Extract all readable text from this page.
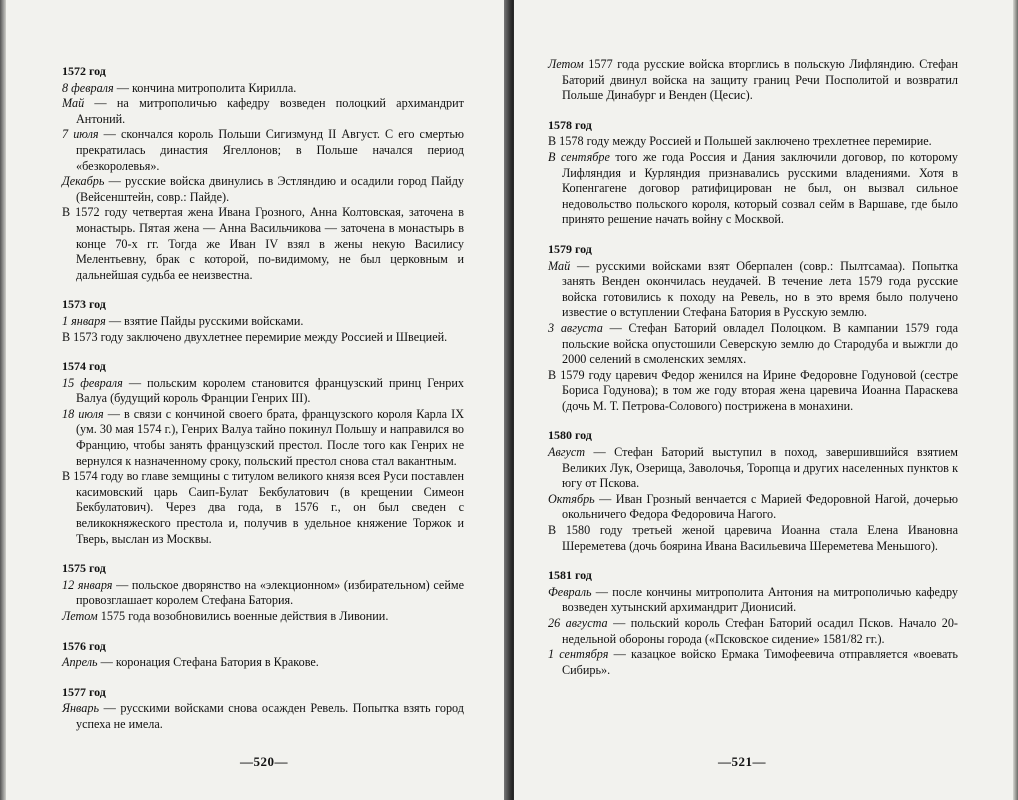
1572 год

8 февраля — кончина митрополита Кирилла.

Май — на митрополичью кафедру возведен полоцкий архимандрит Антоний.

7 июля — скончался король Польши Сигизмунд II Август. С его смертью прекратилась династия Ягеллонов; в Польше начался период «безкоролевья».

Декабрь — русские войска двинулись в Эстляндию и осадили город Пайду (Вейсенштейн, совр.: Пайде).

В 1572 году четвертая жена Ивана Грозного, Анна Колтовская, заточена в монастырь. Пятая жена — Анна Васильчикова — заточена в монастырь в конце 70-х гг. Тогда же Иван IV взял в жены некую Василису Мелентьевну, брак с которой, по-видимому, не был церковным и дальнейшая судьба ее неизвестна.

1573 год

1 января — взятие Пайды русскими войсками.

В 1573 году заключено двухлетнее перемирие между Россией и Швецией.

1574 год

15 февраля — польским королем становится французский принц Генрих Валуа (будущий король Франции Генрих III).

18 июля — в связи с кончиной своего брата, французского короля Карла IX (ум. 30 мая 1574 г.), Генрих Валуа тайно покинул Польшу и направился во Францию, чтобы занять французский престол. После того как Генрих не вернулся к назначенному сроку, польский престол снова стал вакантным.

В 1574 году во главе земщины с титулом великого князя всея Руси поставлен касимовский царь Саип-Булат Бекбулатович (в крещении Симеон Бекбулатович). Через два года, в 1576 г., он был сведен с великокняжеского престола и, получив в удельное княжение Торжок и Тверь, выслан из Москвы.

1575 год

12 января — польское дворянство на «элекционном» (избирательном) сейме провозглашает королем Стефана Батория.

Летом 1575 года возобновились военные действия в Ливонии.

1576 год

Апрель — коронация Стефана Батория в Кракове.

1577 год

Январь — русскими войсками снова осажден Ревель. Попытка взять город успеха не имела.

—520—

Летом 1577 года русские войска вторглись в польскую Лифляндию. Стефан Баторий двинул войска на защиту границ Речи Посполитой и возвратил Польше Динабург и Венден (Цесис).

1578 год

В 1578 году между Россией и Польшей заключено трехлетнее перемирие.

В сентябре того же года Россия и Дания заключили договор, по которому Лифляндия и Курляндия признавались русскими владениями. Хотя в Копенгагене договор ратифицирован не был, он вызвал сильное недовольство польского короля, который созвал сейм в Варшаве, где было принято решение начать войну с Москвой.

1579 год

Май — русскими войсками взят Оберпален (совр.: Пылтсамаа). Попытка занять Венден окончилась неудачей. В течение лета 1579 года русские войска готовились к походу на Ревель, но в это время было получено известие о вступлении Стефана Батория в Русскую землю.

3 августа — Стефан Баторий овладел Полоцком. В кампании 1579 года польские войска опустошили Северскую землю до Стародуба и выжгли до 2000 селений в смоленских землях.

В 1579 году царевич Федор женился на Ирине Федоровне Годуновой (сестре Бориса Годунова); в том же году вторая жена царевича Иоанна Параскева (дочь М. Т. Петрова-Солового) пострижена в монахини.

1580 год

Август — Стефан Баторий выступил в поход, завершившийся взятием Великих Лук, Озерища, Заволочья, Торопца и других населенных пунктов к югу от Пскова.

Октябрь — Иван Грозный венчается с Марией Федоровной Нагой, дочерью окольничего Федора Федоровича Нагого.

В 1580 году третьей женой царевича Иоанна стала Елена Ивановна Шереметева (дочь боярина Ивана Васильевича Шереметева Меньшого).

1581 год

Февраль — после кончины митрополита Антония на митрополичью кафедру возведен хутынский архимандрит Дионисий.

26 августа — польский король Стефан Баторий осадил Псков. Начало 20-недельной обороны города («Псковское сидение» 1581/82 гг.).

1 сентября — казацкое войско Ермака Тимофеевича отправляется «воевать Сибирь».

—521—
